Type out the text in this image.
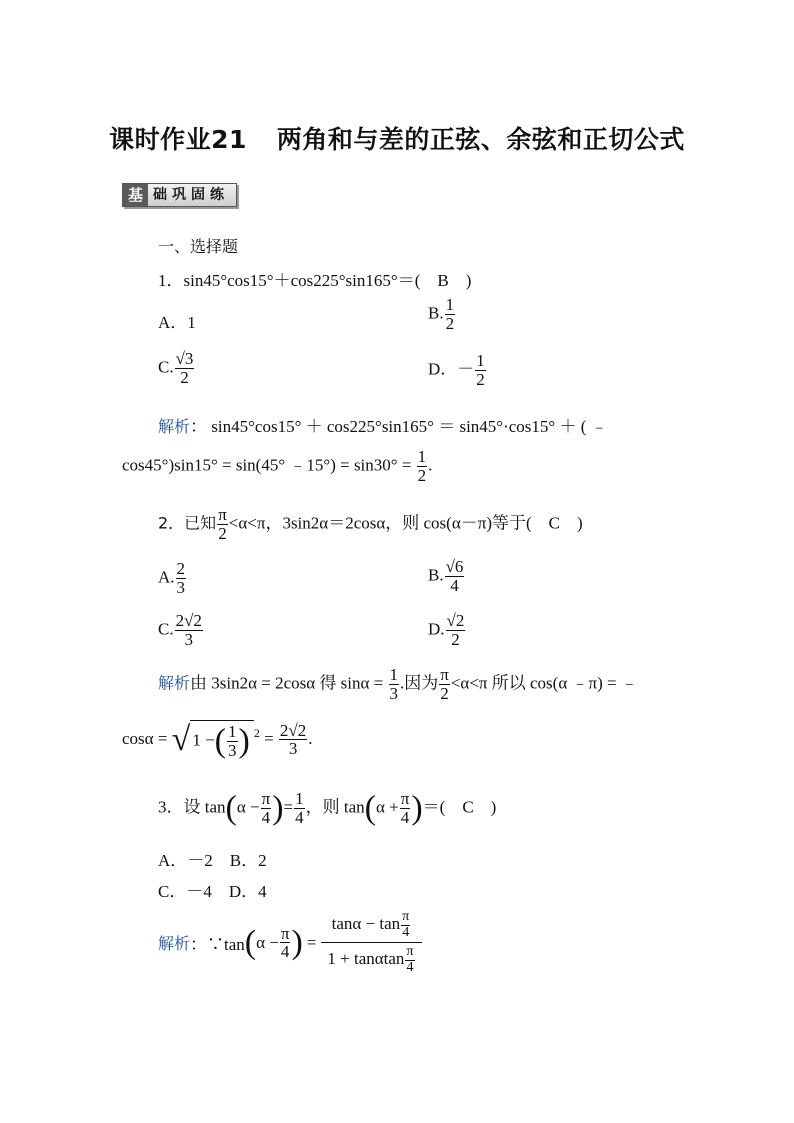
课时作业21 两角和与差的正弦、余弦和正切公式
基 础巩固练
一、选择题
1．sin45°cos15°＋cos225°sin165°＝(　B　)
A．1
B. $\frac{1}{2}$
C. $\frac{√3}{2}$	D．－ $\frac{1}{2}$
解析： sin45°cos15° ＋ cos225°sin165° ＝ sin45°·cos15° ＋ ( ﹣
cos45°)sin15° = sin(45° ﹣15°) = $\sin 30^\circ = \frac{1}{2}$ .
2．已知 $\frac{\pi}{2} <\alpha<\pi$，3sin2α＝2cosα，则 cos(α－π)等于(　C　)
A. $\frac{2}{3}$	B. $\frac{√6}{4}$
C. $\frac{2√2}{3}$	D. $\frac{√2}{2}$
解析由 3sin2α = 2cosα 得 $\sin\alpha = \frac{1}{3}$ .因为 $\frac{\pi}{2} <\alpha<\pi$ 所以 cos(α ﹣π) = ﹣
cosα = √ 1 −( $\frac{1}{3}$ ) $^2 = \frac{2√2}{3}$ .
3．设 $\tan(\alpha - \frac{\pi}{4}$ )= $\frac{1}{4}$ ，则 $\tan(\alpha + \frac{\pi}{4}$ )＝(　C　)
A．－2　B．2
C．－4　D．4
解析 ：∵tan ( $\alpha - \frac{\pi}{4}$ ) = $\frac{\tan\alpha - \tan \frac{\pi}{4}}{1 + \tan\alpha\tan \frac{\pi}{4}}$
